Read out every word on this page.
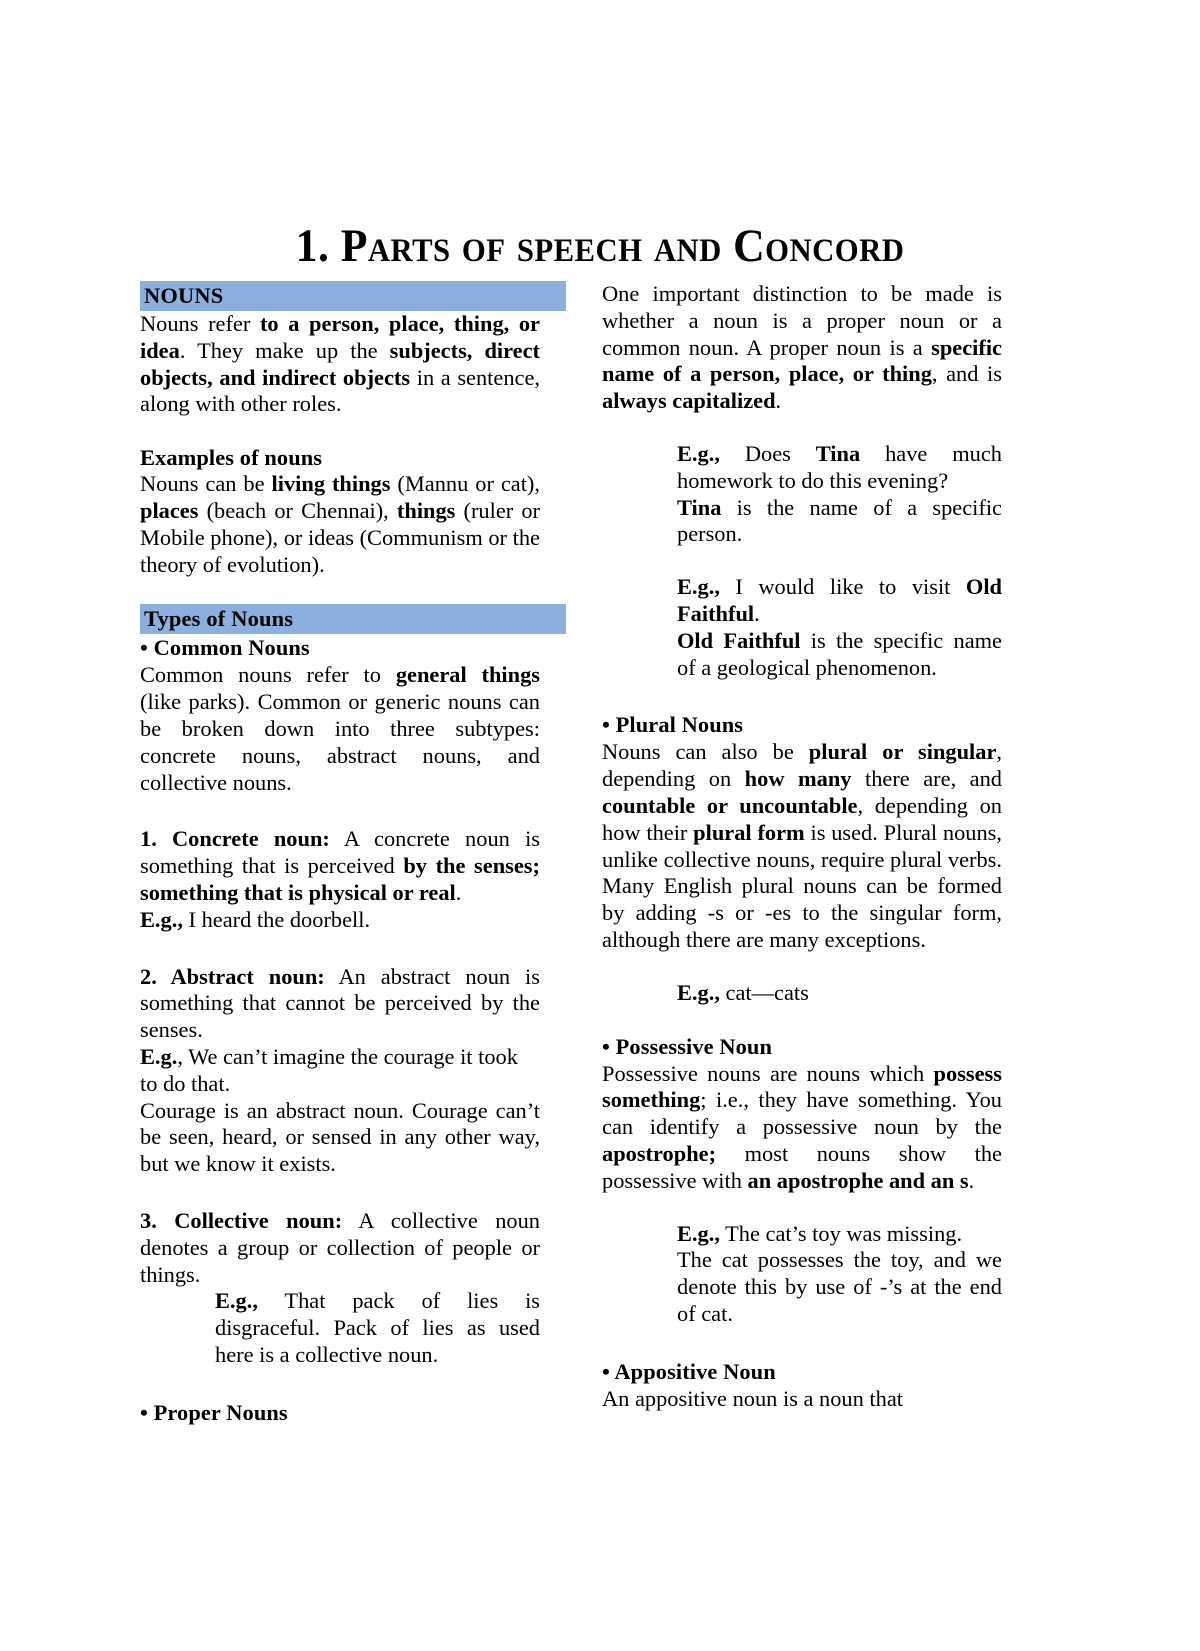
1. Parts of speech and Concord
NOUNS

Nouns refer to a person, place, thing, or idea. They make up the subjects, direct objects, and indirect objects in a sentence, along with other roles.

Examples of nouns

Nouns can be living things (Mannu or cat), places (beach or Chennai), things (ruler or Mobile phone), or ideas (Communism or the theory of evolution).

Types of Nouns
• Common Nouns

Common nouns refer to general things (like parks). Common or generic nouns can be broken down into three subtypes: concrete nouns, abstract nouns, and collective nouns.

1. Concrete noun: A concrete noun is something that is perceived by the senses; something that is physical or real.

E.g., I heard the doorbell.

2. Abstract noun: An abstract noun is something that cannot be perceived by the senses.

E.g., We can’t imagine the courage it took to do that.

Courage is an abstract noun. Courage can’t be seen, heard, or sensed in any other way, but we know it exists.

3. Collective noun: A collective noun denotes a group or collection of people or things.

E.g., That pack of lies is disgraceful. Pack of lies as used here is a collective noun.

• Proper Nouns

One important distinction to be made is whether a noun is a proper noun or a common noun. A proper noun is a specific name of a person, place, or thing, and is always capitalized.

E.g., Does Tina have much homework to do this evening?

Tina is the name of a specific person.

E.g., I would like to visit Old Faithful.

Old Faithful is the specific name of a geological phenomenon.

• Plural Nouns

Nouns can also be plural or singular, depending on how many there are, and countable or uncountable, depending on how their plural form is used. Plural nouns, unlike collective nouns, require plural verbs. Many English plural nouns can be formed by adding -s or -es to the singular form, although there are many exceptions.

E.g., cat—cats

• Possessive Noun

Possessive nouns are nouns which possess something; i.e., they have something. You can identify a possessive noun by the apostrophe; most nouns show the possessive with an apostrophe and an s.

E.g., The cat’s toy was missing.

The cat possesses the toy, and we denote this by use of -’s at the end of cat.

• Appositive Noun

An appositive noun is a noun that
